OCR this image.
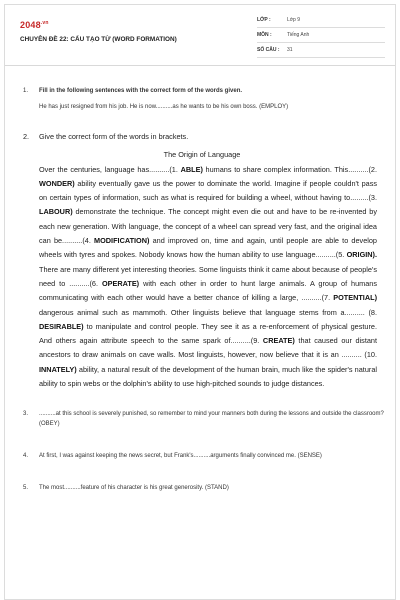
$2048^{.vn}$
CHUYÊN ĐỀ 22: CẤU TẠO TỪ (WORD FORMATION)
LỚP :	Lớp 9
MÔN :	Tiếng Anh
SỐ CÂU :	31
1. Fill in the following sentences with the correct form of the words given.
He has just resigned from his job. He is now..........as he wants to be his own boss. (EMPLOY)
2. Give the correct form of the words in brackets.
The Origin of Language
Over the centuries, language has..........(1. ABLE) humans to share complex information. This..........(2. WONDER) ability eventually gave us the power to dominate the world. Imagine if people couldn't pass on certain types of information, such as what is required for building a wheel, without having to.........(3. LABOUR) demonstrate the technique. The concept might even die out and have to be re-invented by each new generation. With language, the concept of a wheel can spread very fast, and the original idea can be..........(4. MODIFICATION) and improved on, time and again, until people are able to develop wheels with tyres and spokes. Nobody knows how the human ability to use language..........(5. ORIGIN). There are many different yet interesting theories. Some linguists think it came about because of people's need to ..........(6. OPERATE) with each other in order to hunt large animals. A group of humans communicating with each other would have a better chance of killing a large, ..........(7. POTENTIAL) dangerous animal such as mammoth. Other linguists believe that language stems from a.......... (8. DESIRABLE) to manipulate and control people. They see it as a re-enforcement of physical gesture. And others again attribute speech to the same spark of..........(9. CREATE) that caused our distant ancestors to draw animals on cave walls. Most linguists, however, now believe that it is an .......... (10. INNATELY) ability, a natural result of the development of the human brain, much like the spider's natural ability to spin webs or the dolphin's ability to use high-pitched sounds to judge distances.
3. ..........at this school is severely punished, so remember to mind your manners both during the lessons and outside the classroom? (OBEY)
4. At first, I was against keeping the news secret, but Frank's..........arguments finally convinced me. (SENSE)
5. The most..........feature of his character is his great generosity. (STAND)
